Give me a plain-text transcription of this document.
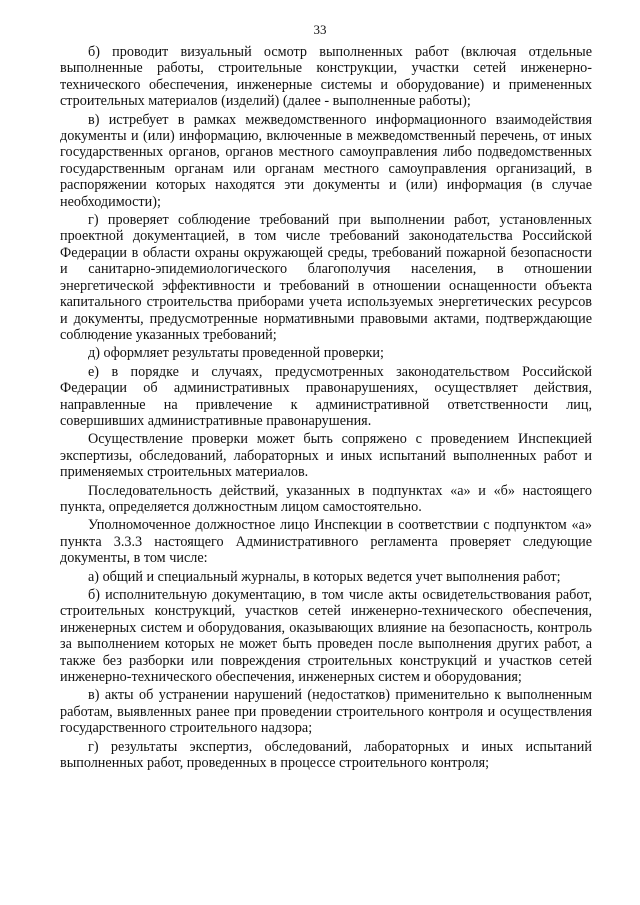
33

б) проводит визуальный осмотр выполненных работ (включая отдельные выполненные работы, строительные конструкции, участки сетей инженерно-технического обеспечения, инженерные системы и оборудование) и примененных строительных материалов (изделий) (далее - выполненные работы);

в) истребует в рамках межведомственного информационного взаимодействия документы и (или) информацию, включенные в межведомственный перечень, от иных государственных органов, органов местного самоуправления либо подведомственных государственным органам или органам местного самоуправления организаций, в распоряжении которых находятся эти документы и (или) информация (в случае необходимости);

г) проверяет соблюдение требований при выполнении работ, установленных проектной документацией, в том числе требований законодательства Российской Федерации в области охраны окружающей среды, требований пожарной безопасности и санитарно-эпидемиологического благополучия населения, в отношении энергетической эффективности и требований в отношении оснащенности объекта капитального строительства приборами учета используемых энергетических ресурсов и документы, предусмотренные нормативными правовыми актами, подтверждающие соблюдение указанных требований;

д) оформляет результаты проведенной проверки;

е) в порядке и случаях, предусмотренных законодательством Российской Федерации об административных правонарушениях, осуществляет действия, направленные на привлечение к административной ответственности лиц, совершивших административные правонарушения.

Осуществление проверки может быть сопряжено с проведением Инспекцией экспертизы, обследований, лабораторных и иных испытаний выполненных работ и применяемых строительных материалов.

Последовательность действий, указанных в подпунктах «а» и «б» настоящего пункта, определяется должностным лицом самостоятельно.

Уполномоченное должностное лицо Инспекции в соответствии с подпунктом «а» пункта 3.3.3 настоящего Административного регламента проверяет следующие документы, в том числе:

а) общий и специальный журналы, в которых ведется учет выполнения работ;

б) исполнительную документацию, в том числе акты освидетельствования работ, строительных конструкций, участков сетей инженерно-технического обеспечения, инженерных систем и оборудования, оказывающих влияние на безопасность, контроль за выполнением которых не может быть проведен после выполнения других работ, а также без разборки или повреждения строительных конструкций и участков сетей инженерно-технического обеспечения, инженерных систем и оборудования;

в) акты об устранении нарушений (недостатков) применительно к выполненным работам, выявленных ранее при проведении строительного контроля и осуществления государственного строительного надзора;

г) результаты экспертиз, обследований, лабораторных и иных испытаний выполненных работ, проведенных в процессе строительного контроля;
